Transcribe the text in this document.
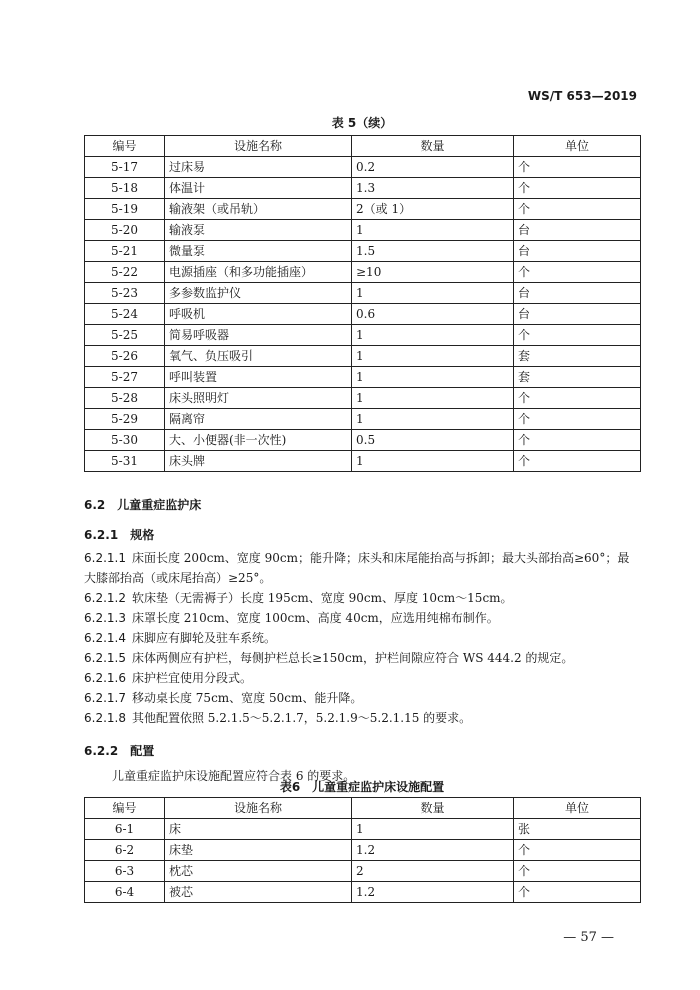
WS/T 653—2019
表 5（续）
编号	设施名称	数量	单位
5-17	过床易	0.2	个
5-18	体温计	1.3	个
5-19	输液架（或吊轨）	2（或 1）	个
5-20	输液泵	1	台
5-21	微量泵	1.5	台
5-22	电源插座（和多功能插座）	≥10	个
5-23	多参数监护仪	1	台
5-24	呼吸机	0.6	台
5-25	简易呼吸器	1	个
5-26	氧气、负压吸引	1	套
5-27	呼叫装置	1	套
5-28	床头照明灯	1	个
5-29	隔离帘	1	个
5-30	大、小便器(非一次性)	0.5	个
5-31	床头牌	1	个
6.2　 儿童重症监护床
6.2.1　 规格
6.2.1.1 床面长度 200cm、宽度 90cm；能升降；床头和床尾能抬高与拆卸；最大头部抬高≥60°；最
大膝部抬高（或床尾抬高）≥25°。
6.2.1.2 软床垫（无需褥子）长度 195cm、宽度 90cm、厚度 10cm～15cm。
6.2.1.3 床罩长度 210cm、宽度 100cm、高度 40cm，应选用纯棉布制作。
6.2.1.4 床脚应有脚轮及驻车系统。
6.2.1.5 床体两侧应有护栏，每侧护栏总长≥150cm，护栏间隙应符合 WS 444.2 的规定。
6.2.1.6 床护栏宜使用分段式。
6.2.1.7 移动桌长度 75cm、宽度 50cm、能升降。
6.2.1.8 其他配置依照 5.2.1.5～5.2.1.7，5.2.1.9～5.2.1.15 的要求。
6.2.2　 配置
儿童重症监护床设施配置应符合表 6 的要求。
表6　儿童重症监护床设施配置
编号	设施名称	数量	单位
6-1	床	1	张
6-2	床垫	1.2	个
6-3	枕芯	2	个
6-4	被芯	1.2	个
— 57 —
